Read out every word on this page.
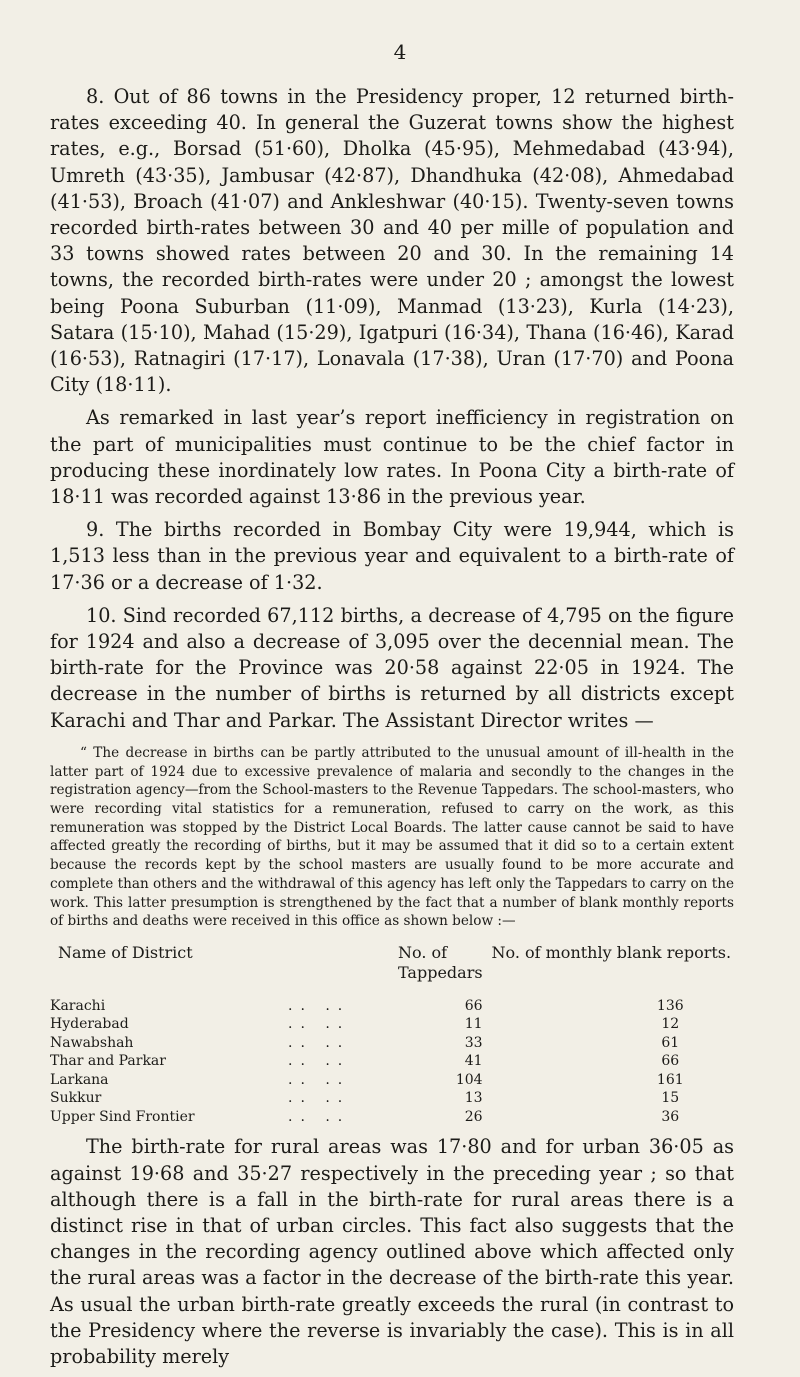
4

8. Out of 86 towns in the Presidency proper, 12 returned birth-rates exceeding 40. In general the Guzerat towns show the highest rates, e.g., Borsad (51·60), Dholka (45·95), Mehmedabad (43·94), Umreth (43·35), Jambusar (42·87), Dhandhuka (42·08), Ahmedabad (41·53), Broach (41·07) and Ankleshwar (40·15). Twenty-seven towns recorded birth-rates between 30 and 40 per mille of population and 33 towns showed rates between 20 and 30. In the remaining 14 towns, the recorded birth-rates were under 20 ; amongst the lowest being Poona Suburban (11·09), Manmad (13·23), Kurla (14·23), Satara (15·10), Mahad (15·29), Igatpuri (16·34), Thana (16·46), Karad (16·53), Ratnagiri (17·17), Lonavala (17·38), Uran (17·70) and Poona City (18·11).

As remarked in last year’s report inefficiency in registration on the part of municipalities must continue to be the chief factor in producing these inordinately low rates. In Poona City a birth-rate of 18·11 was recorded against 13·86 in the previous year.

9. The births recorded in Bombay City were 19,944, which is 1,513 less than in the previous year and equivalent to a birth-rate of 17·36 or a decrease of 1·32.

10. Sind recorded 67,112 births, a decrease of 4,795 on the figure for 1924 and also a decrease of 3,095 over the decennial mean. The birth-rate for the Province was 20·58 against 22·05 in 1924. The decrease in the number of births is returned by all districts except Karachi and Thar and Parkar. The Assistant Director writes —

“ The decrease in births can be partly attributed to the unusual amount of ill-health in the latter part of 1924 due to excessive prevalence of malaria and secondly to the changes in the registration agency—from the School-masters to the Revenue Tappedars. The school-masters, who were recording vital statistics for a remuneration, refused to carry on the work, as this remuneration was stopped by the District Local Boards. The latter cause cannot be said to have affected greatly the recording of births, but it may be assumed that it did so to a certain extent because the records kept by the school masters are usually found to be more accurate and complete than others and the withdrawal of this agency has left only the Tappedars to carry on the work. This latter presumption is strengthened by the fact that a number of blank monthly reports of births and deaths were received in this office as shown below :—

Name of District		No. of Tappedars	No. of monthly blank reports.
Karachi	.. ..	66	136
Hyderabad	.. ..	11	12
Nawabshah	.. ..	33	61
Thar and Parkar	.. ..	41	66
Larkana	.. ..	104	161
Sukkur	.. ..	13	15
Upper Sind Frontier	.. ..	26	36

The birth-rate for rural areas was 17·80 and for urban 36·05 as against 19·68 and 35·27 respectively in the preceding year ; so that although there is a fall in the birth-rate for rural areas there is a distinct rise in that of urban circles. This fact also suggests that the changes in the recording agency outlined above which affected only the rural areas was a factor in the decrease of the birth-rate this year. As usual the urban birth-rate greatly exceeds the rural (in contrast to the Presidency where the reverse is invariably the case). This is in all probability merely
